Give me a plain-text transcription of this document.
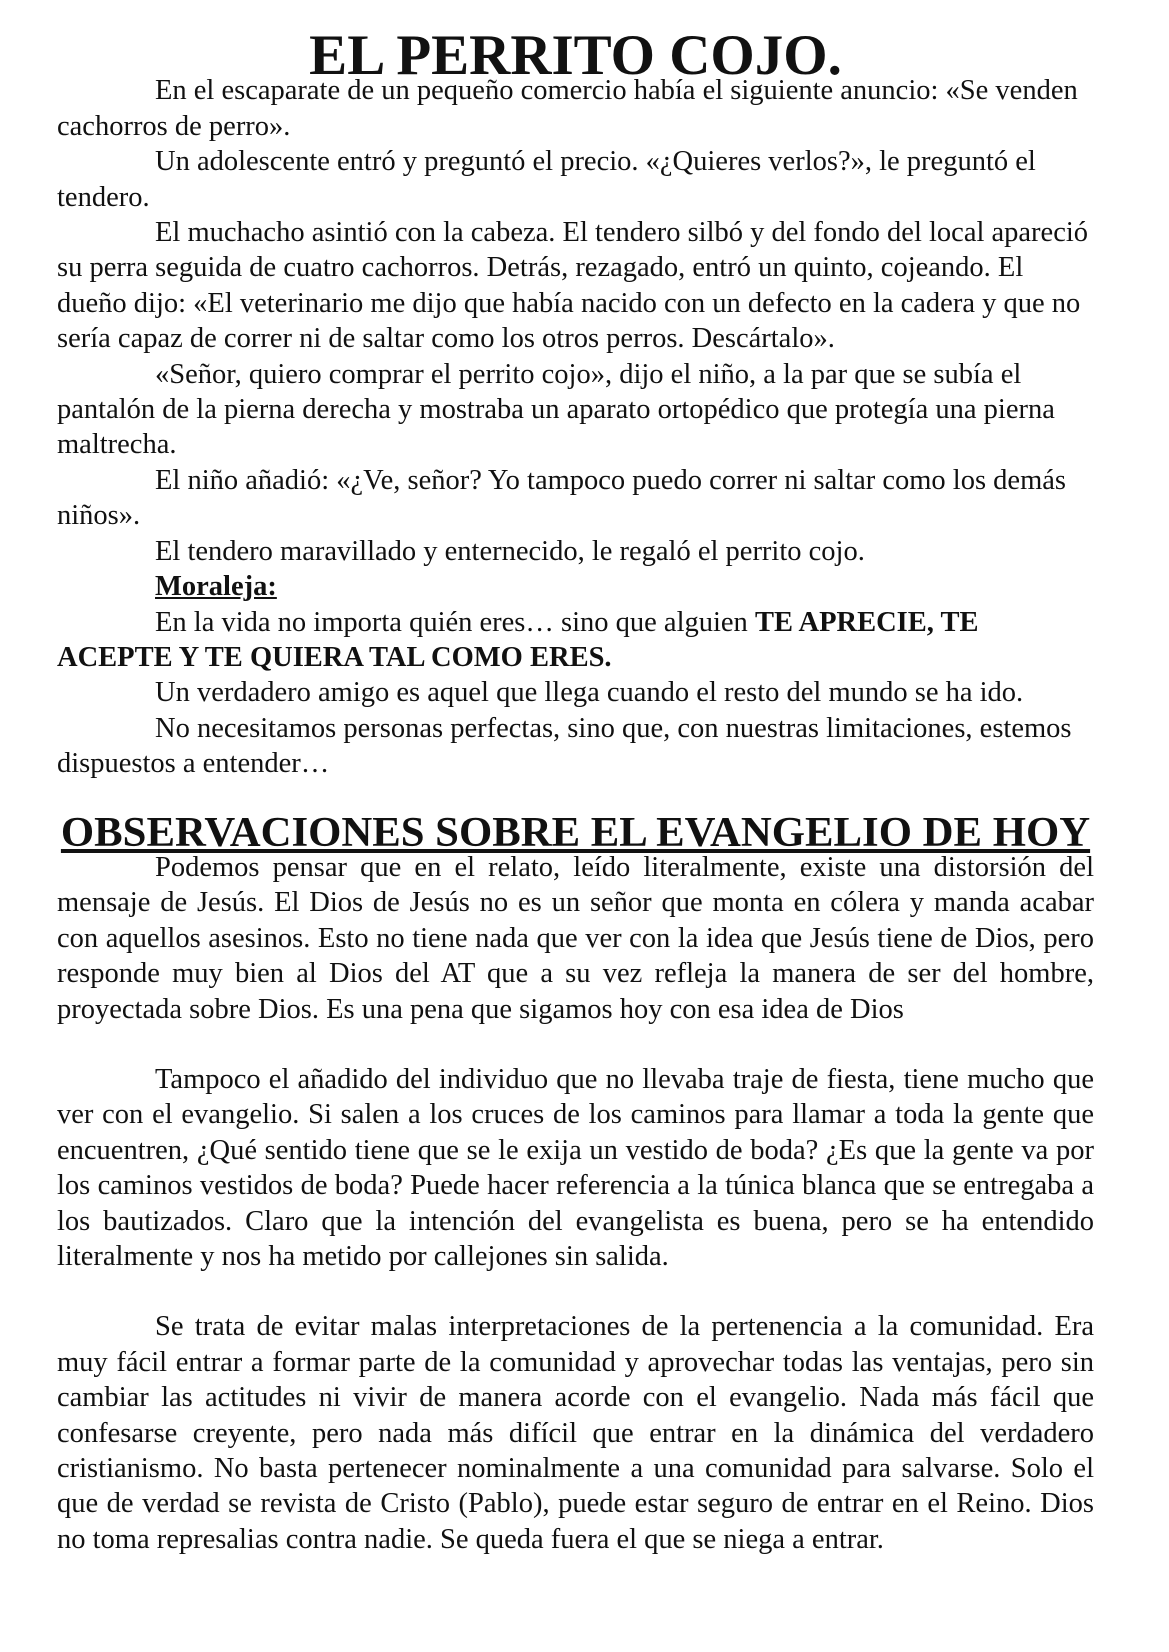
EL PERRITO COJO.

En el escaparate de un pequeño comercio había el siguiente anuncio: «Se venden cachorros de perro».

Un adolescente entró y preguntó el precio. «¿Quieres verlos?», le preguntó el tendero.

El muchacho asintió con la cabeza. El tendero silbó y del fondo del local apareció su perra seguida de cuatro cachorros. Detrás, rezagado, entró un quinto, cojeando. El dueño dijo: «El veterinario me dijo que había nacido con un defecto en la cadera y que no sería capaz de correr ni de saltar como los otros perros. Descártalo».

«Señor, quiero comprar el perrito cojo», dijo el niño, a la par que se subía el pantalón de la pierna derecha y mostraba un aparato ortopédico que protegía una pierna maltrecha.

El niño añadió: «¿Ve, señor? Yo tampoco puedo correr ni saltar como los demás niños».

El tendero maravillado y enternecido, le regaló el perrito cojo.

Moraleja:

En la vida no importa quién eres… sino que alguien TE APRECIE, TE ACEPTE Y TE QUIERA TAL COMO ERES.

Un verdadero amigo es aquel que llega cuando el resto del mundo se ha ido.

No necesitamos personas perfectas, sino que, con nuestras limitaciones, estemos dispuestos a entender…

OBSERVACIONES SOBRE EL EVANGELIO DE HOY

Podemos pensar que en el relato, leído literalmente, existe una distorsión del mensaje de Jesús. El Dios de Jesús no es un señor que monta en cólera y manda acabar con aquellos asesinos. Esto no tiene nada que ver con la idea que Jesús tiene de Dios, pero responde muy bien al Dios del AT que a su vez refleja la manera de ser del hombre, proyectada sobre Dios. Es una pena que sigamos hoy con esa idea de Dios

Tampoco el añadido del individuo que no llevaba traje de fiesta, tiene mucho que ver con el evangelio. Si salen a los cruces de los caminos para llamar a toda la gente que encuentren, ¿Qué sentido tiene que se le exija un vestido de boda? ¿Es que la gente va por los caminos vestidos de boda? Puede hacer referencia a la túnica blanca que se entregaba a los bautizados. Claro que la intención del evangelista es buena, pero se ha entendido literalmente y nos ha metido por callejones sin salida.

Se trata de evitar malas interpretaciones de la pertenencia a la comunidad. Era muy fácil entrar a formar parte de la comunidad y aprovechar todas las ventajas, pero sin cambiar las actitudes ni vivir de manera acorde con el evangelio. Nada más fácil que confesarse creyente, pero nada más difícil que entrar en la dinámica del verdadero cristianismo. No basta pertenecer nominalmente a una comunidad para salvarse. Solo el que de verdad se revista de Cristo (Pablo), puede estar seguro de entrar en el Reino. Dios no toma represalias contra nadie. Se queda fuera el que se niega a entrar.
